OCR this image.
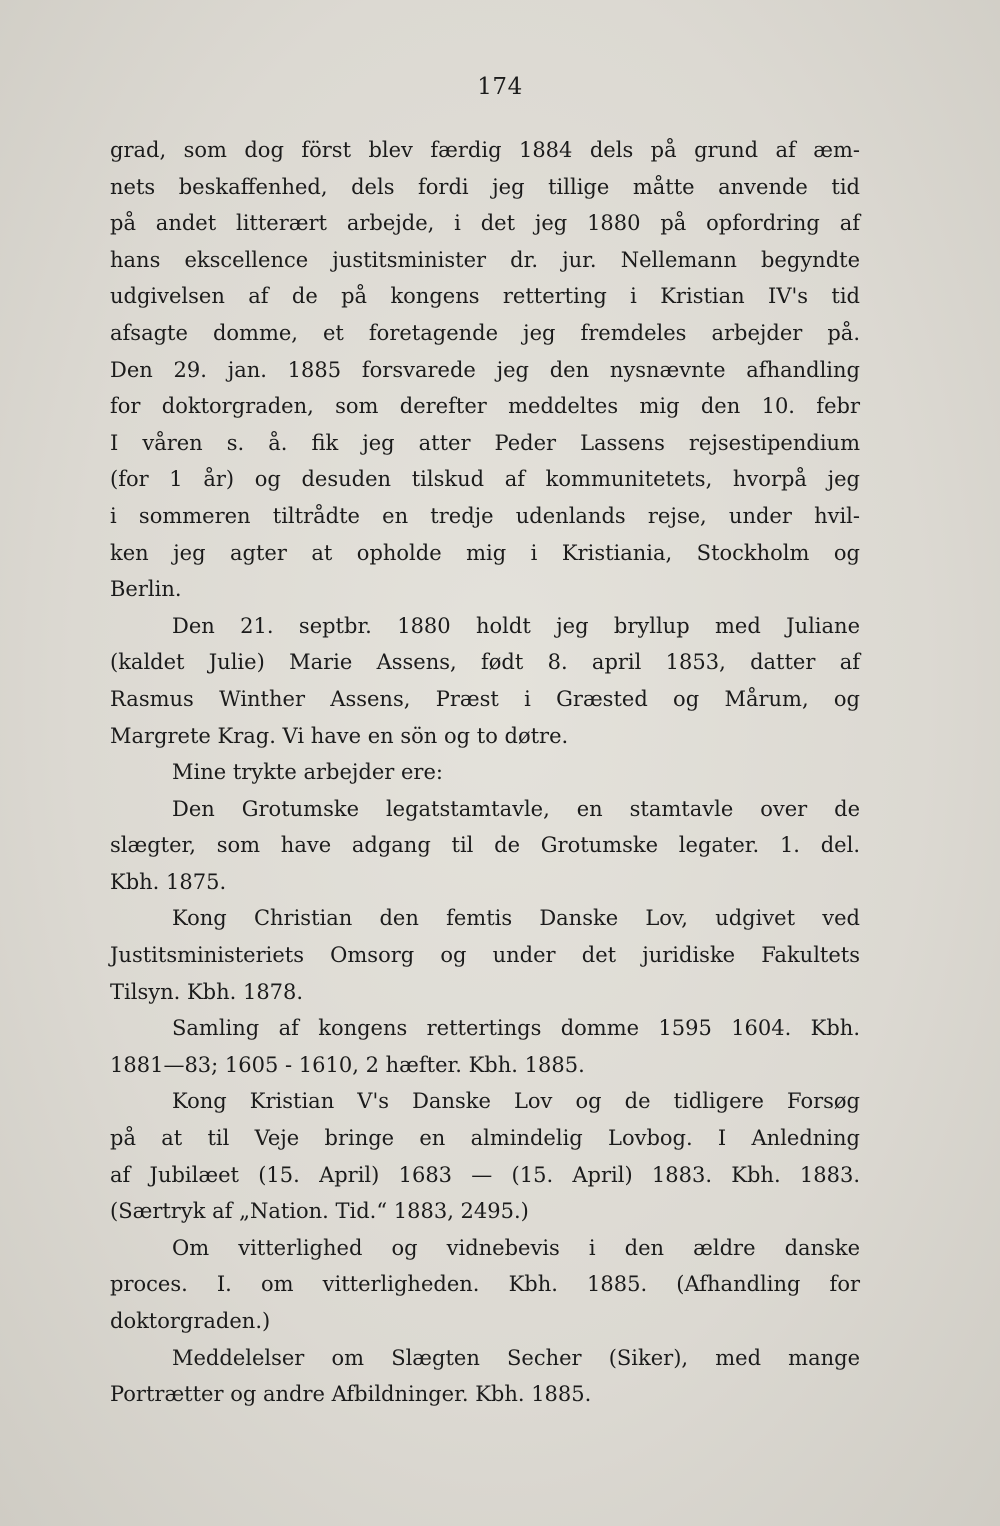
174
grad, som dog först blev færdig 1884 dels på grund af æm-
nets beskaffenhed, dels fordi jeg tillige måtte anvende tid
på andet litterært arbejde, i det jeg 1880 på opfordring af
hans ekscellence justitsminister dr. jur. Nellemann begyndte
udgivelsen af de på kongens retterting i Kristian IV's tid
afsagte domme, et foretagende jeg fremdeles arbejder på.
Den 29. jan. 1885 forsvarede jeg den nysnævnte afhandling
for doktorgraden, som derefter meddeltes mig den 10. febr
I våren s. å. fik jeg atter Peder Lassens rejsestipendium
(for 1 år) og desuden tilskud af kommunitetets, hvorpå jeg
i sommeren tiltrådte en tredje udenlands rejse, under hvil-
ken jeg agter at opholde mig i Kristiania, Stockholm og
Berlin.
Den 21. septbr. 1880 holdt jeg bryllup med Juliane
(kaldet Julie) Marie Assens, født 8. april 1853, datter af
Rasmus Winther Assens, Præst i Græsted og Mårum, og
Margrete Krag. Vi have en sön og to døtre.
Mine trykte arbejder ere:
Den Grotumske legatstamtavle, en stamtavle over de
slægter, som have adgang til de Grotumske legater. 1. del.
Kbh. 1875.
Kong Christian den femtis Danske Lov, udgivet ved
Justitsministeriets Omsorg og under det juridiske Fakultets
Tilsyn. Kbh. 1878.
Samling af kongens rettertings domme 1595 1604. Kbh.
1881—83; 1605 - 1610, 2 hæfter. Kbh. 1885.
Kong Kristian V's Danske Lov og de tidligere Forsøg
på at til Veje bringe en almindelig Lovbog. I Anledning
af Jubilæet (15. April) 1683 — (15. April) 1883. Kbh. 1883.
(Særtryk af „Nation. Tid.“ 1883, 2495.)
Om vitterlighed og vidnebevis i den ældre danske
proces. I. om vitterligheden. Kbh. 1885. (Afhandling for
doktorgraden.)
Meddelelser om Slægten Secher (Siker), med mange
Portrætter og andre Afbildninger. Kbh. 1885.
